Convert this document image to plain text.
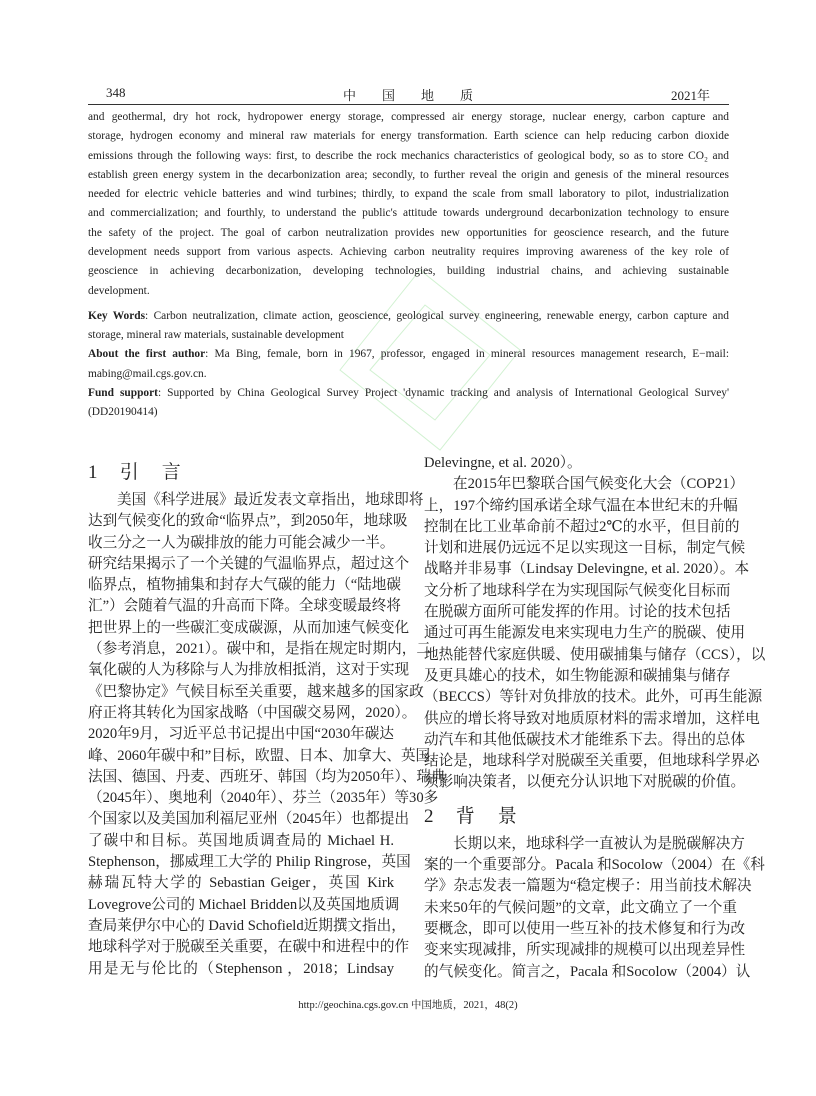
348	中　　国　　地　　质	2021年
and geothermal, dry hot rock, hydropower energy storage, compressed air energy storage, nuclear energy, carbon capture and
storage, hydrogen economy and mineral raw materials for energy transformation. Earth science can help reducing carbon dioxide
emissions through the following ways: first, to describe the rock mechanics characteristics of geological body, so as to store CO₂ and
establish green energy system in the decarbonization area; secondly, to further reveal the origin and genesis of the mineral resources
needed for electric vehicle batteries and wind turbines; thirdly, to expand the scale from small laboratory to pilot, industrialization
and commercialization; and fourthly, to understand the public's attitude towards underground decarbonization technology to ensure
the safety of the project. The goal of carbon neutralization provides new opportunities for geoscience research, and the future
development needs support from various aspects. Achieving carbon neutrality requires improving awareness of the key role of
geoscience in achieving decarbonization, developing technologies, building industrial chains, and achieving sustainable
development.
Key Words: Carbon neutralization, climate action, geoscience, geological survey engineering, renewable energy, carbon capture and
storage, mineral raw materials, sustainable development
About the first author: Ma Bing, female, born in 1967, professor, engaged in mineral resources management research, E−mail:
mabing@mail.cgs.gov.cn.
Fund support: Supported by China Geological Survey Project 'dynamic tracking and analysis of International Geological Survey'
(DD20190414)
1 引　言
美国《科学进展》最近发表文章指出，地球即将
达到气候变化的致命“临界点”，到2050年，地球吸
收三分之一人为碳排放的能力可能会减少一半。
研究结果揭示了一个关键的气温临界点，超过这个
临界点，植物捕集和封存大气碳的能力（“陆地碳
汇”）会随着气温的升高而下降。全球变暖最终将
把世界上的一些碳汇变成碳源，从而加速气候变化
（参考消息，2021）。碳中和，是指在规定时期内，二
氧化碳的人为移除与人为排放相抵消，这对于实现
《巴黎协定》气候目标至关重要，越来越多的国家政
府正将其转化为国家战略（中国碳交易网，2020）。
2020年9月，习近平总书记提出中国“2030年碳达
峰、2060年碳中和”目标，欧盟、日本、加拿大、英国、
法国、德国、丹麦、西班牙、韩国（均为2050年）、瑞典
（2045年）、奥地利（2040年）、芬兰（2035年）等30多
个国家以及美国加利福尼亚州（2045年）也都提出
了碳中和目标。英国地质调查局的 Michael H.
Stephenson，挪威理工大学的 Philip Ringrose，英国
赫瑞瓦特大学的 Sebastian Geiger，英国 Kirk
Lovegrove公司的 Michael Bridden以及英国地质调
查局莱伊尔中心的 David Schofield近期撰文指出，
地球科学对于脱碳至关重要，在碳中和进程中的作
用是无与伦比的（Stephenson ，2018；Lindsay
Delevingne, et al. 2020）。
在2015年巴黎联合国气候变化大会（COP21）
上，197个缔约国承诺全球气温在本世纪末的升幅
控制在比工业革命前不超过2℃的水平，但目前的
计划和进展仍远远不足以实现这一目标，制定气候
战略并非易事（Lindsay Delevingne, et al. 2020）。本
文分析了地球科学在为实现国际气候变化目标而
在脱碳方面所可能发挥的作用。讨论的技术包括
通过可再生能源发电来实现电力生产的脱碳、使用
地热能替代家庭供暖、使用碳捕集与储存（CCS），以
及更具雄心的技术，如生物能源和碳捕集与储存
（BECCS）等针对负排放的技术。此外，可再生能源
供应的增长将导致对地质原材料的需求增加，这样电
动汽车和其他低碳技术才能维系下去。得出的总体
结论是，地球科学对脱碳至关重要，但地球科学界必
须影响决策者，以便充分认识地下对脱碳的价值。
2 背　景
长期以来，地球科学一直被认为是脱碳解决方
案的一个重要部分。Pacala 和Socolow（2004）在《科
学》杂志发表一篇题为“稳定楔子：用当前技术解决
未来50年的气候问题”的文章，此文确立了一个重
要概念，即可以使用一些互补的技术修复和行为改
变来实现减排，所实现减排的规模可以出现差异性
的气候变化。简言之，Pacala 和Socolow（2004）认
http://geochina.cgs.gov.cn 中国地质，2021，48(2)
